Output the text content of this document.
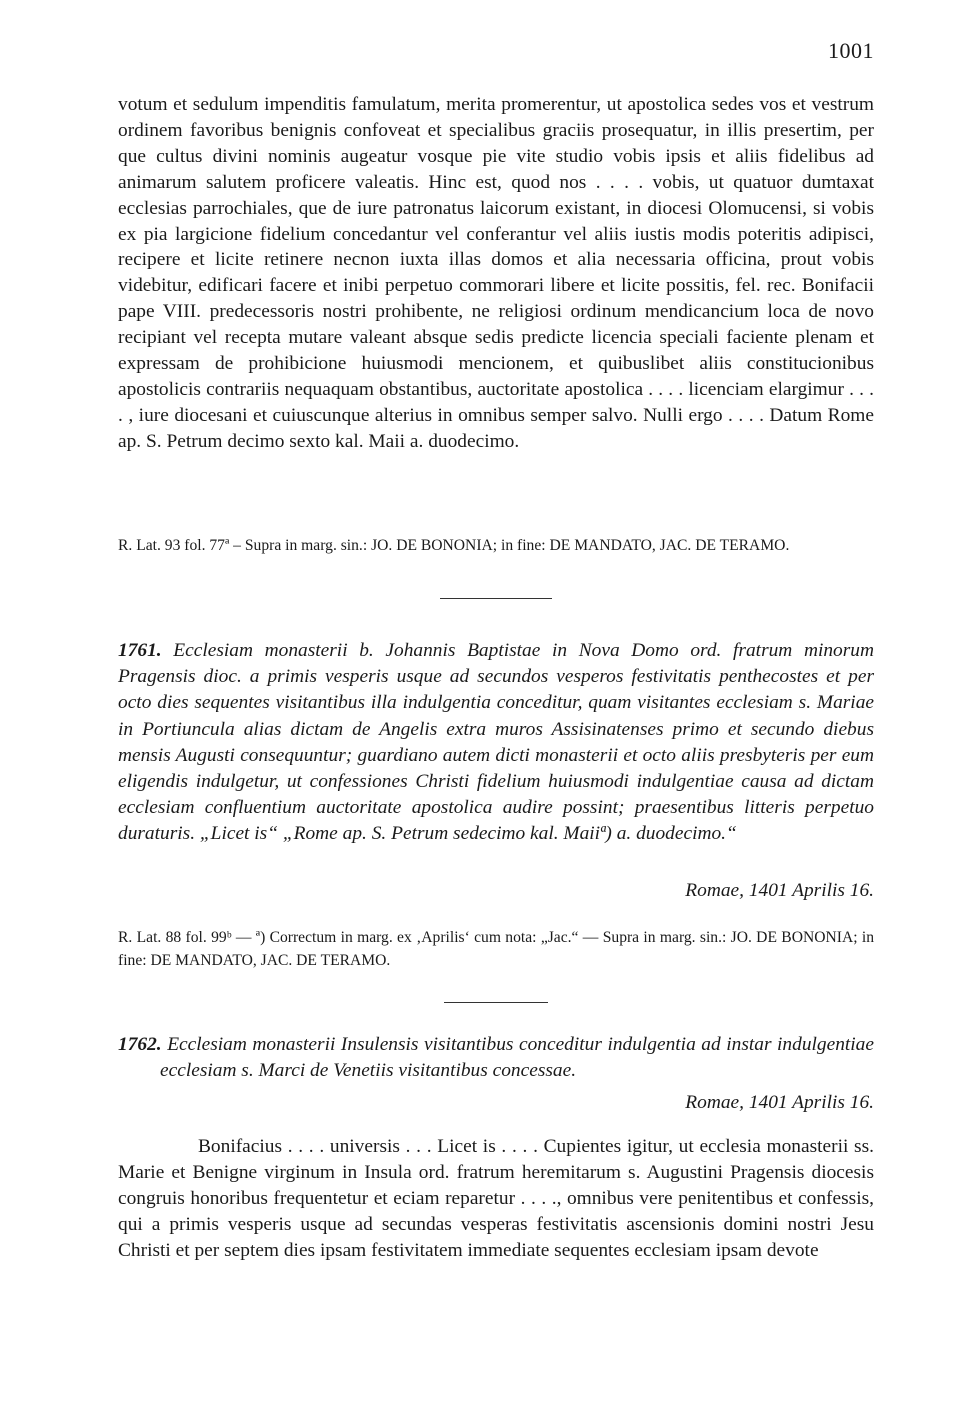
1001
votum et sedulum impenditis famulatum, merita promerentur, ut apostolica sedes vos et vestrum ordinem favoribus benignis confoveat et specialibus graciis prosequatur, in illis presertim, per que cultus divini nominis augeatur vosque pie vite studio vobis ipsis et aliis fidelibus ad animarum salutem proficere valeatis. Hinc est, quod nos . . . . vobis, ut quatuor dumtaxat ecclesias parrochiales, que de iure patronatus laicorum existant, in diocesi Olomucensi, si vobis ex pia largicione fidelium concedantur vel conferantur vel aliis iustis modis poteritis adipisci, recipere et licite retinere necnon iuxta illas domos et alia necessaria officina, prout vobis videbitur, edificari facere et inibi perpetuo commorari libere et licite possitis, fel. rec. Bonifacii pape VIII. predecessoris nostri prohibente, ne religiosi ordinum mendicancium loca de novo recipiant vel recepta mutare valeant absque sedis predicte licencia speciali faciente plenam et expressam de prohibicione huiusmodi mencionem, et quibuslibet aliis constitucionibus apostolicis contrariis nequaquam obstantibus, auctoritate apostolica . . . . licenciam elargimur . . . . , iure diocesani et cuiuscunque alterius in omnibus semper salvo. Nulli ergo . . . . Datum Rome ap. S. Petrum decimo sexto kal. Maii a. duodecimo.
R. Lat. 93 fol. 77ª – Supra in marg. sin.: JO. DE BONONIA; in fine: DE MANDATO, JAC. DE TERAMO.
1761. Ecclesiam monasterii b. Johannis Baptistae in Nova Domo ord. fratrum minorum Pragensis dioc. a primis vesperis usque ad secundos vesperos festivitatis penthecostes et per octo dies sequentes visitantibus illa indulgentia conceditur, quam visitantes ecclesiam s. Mariae in Portiuncula alias dictam de Angelis extra muros Assisinatenses primo et secundo diebus mensis Augusti consequuntur; guardiano autem dicti monasterii et octo aliis presbyteris per eum eligendis indulgetur, ut confessiones Christi fidelium huiusmodi indulgentiae causa ad dictam ecclesiam confluentium auctoritate apostolica audire possint; praesentibus litteris perpetuo duraturis. „Licet is“ „Rome ap. S. Petrum sedecimo kal. Maiiª) a. duodecimo.“
Romae, 1401 Aprilis 16.
R. Lat. 88 fol. 99ᵇ — ª) Correctum in marg. ex ‚Aprilis‘ cum nota: „Jac.“ — Supra in marg. sin.: JO. DE BONONIA; in fine: DE MANDATO, JAC. DE TERAMO.
1762. Ecclesiam monasterii Insulensis visitantibus conceditur indulgentia ad instar indulgentiae ecclesiam s. Marci de Venetiis visitantibus concessae.
Romae, 1401 Aprilis 16.
Bonifacius . . . . universis . . . Licet is . . . . Cupientes igitur, ut ecclesia monasterii ss. Marie et Benigne virginum in Insula ord. fratrum heremitarum s. Augustini Pragensis diocesis congruis honoribus frequentetur et eciam reparetur . . . ., omnibus vere penitentibus et confessis, qui a primis vesperis usque ad secundas vesperas festivitatis ascensionis domini nostri Jesu Christi et per septem dies ipsam festivitatem immediate sequentes ecclesiam ipsam devote
